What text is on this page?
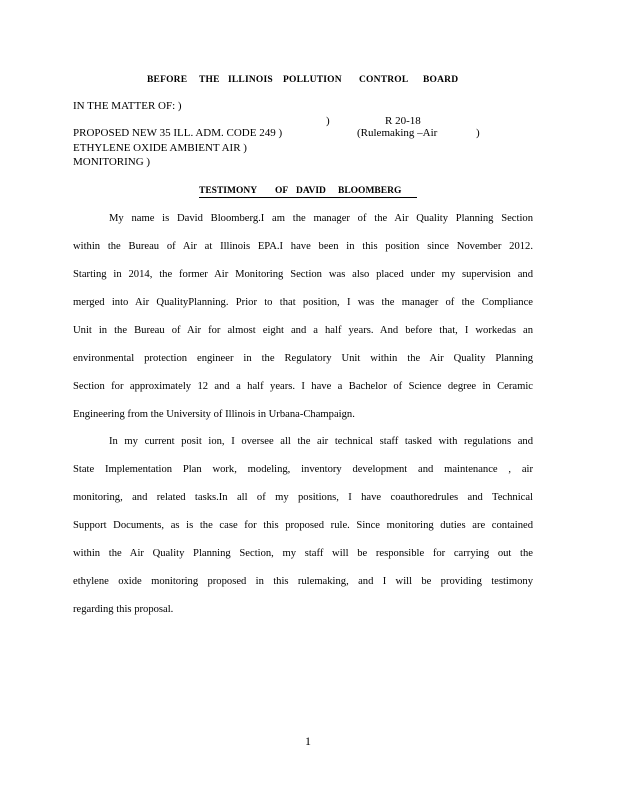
BEFORE THE ILLINOIS POLLUTION CONTROL BOARD
IN THE MATTER OF: )
)	R 20-18
PROPOSED NEW 35 ILL. ADM. CODE 249 )	(Rulemaking –Air	)
ETHYLENE OXIDE AMBIENT AIR )
MONITORING )
TESTIMONY OF DAVID BLOOMBERG
My name is David Bloomberg.I am the manager of the Air Quality Planning Section
within the Bureau of Air at Illinois EPA.I have been in this position since November 2012.
Starting in 2014, the former Air Monitoring Section was also placed under my supervision and
merged into Air QualityPlanning. Prior to that position, I was the manager of the Compliance
Unit in the Bureau of Air for almost eight and a half years. And before that, I workedas an
environmental protection engineer in the Regulatory Unit within the Air Quality Planning
Section for approximately 12 and a half years. I have a Bachelor of Science degree in Ceramic
Engineering from the University of Illinois in Urbana-Champaign.
In my current posit ion, I oversee all the air technical staff tasked with regulations and
State Implementation Plan work, modeling, inventory development and maintenance , air
monitoring, and related tasks.In all of my positions, I have coauthoredrules and Technical
Support Documents, as is the case for this proposed rule. Since monitoring duties are contained
within the Air Quality Planning Section, my staff will be responsible for carrying out the
ethylene oxide monitoring proposed in this rulemaking, and I will be providing testimony
regarding this proposal.
1
